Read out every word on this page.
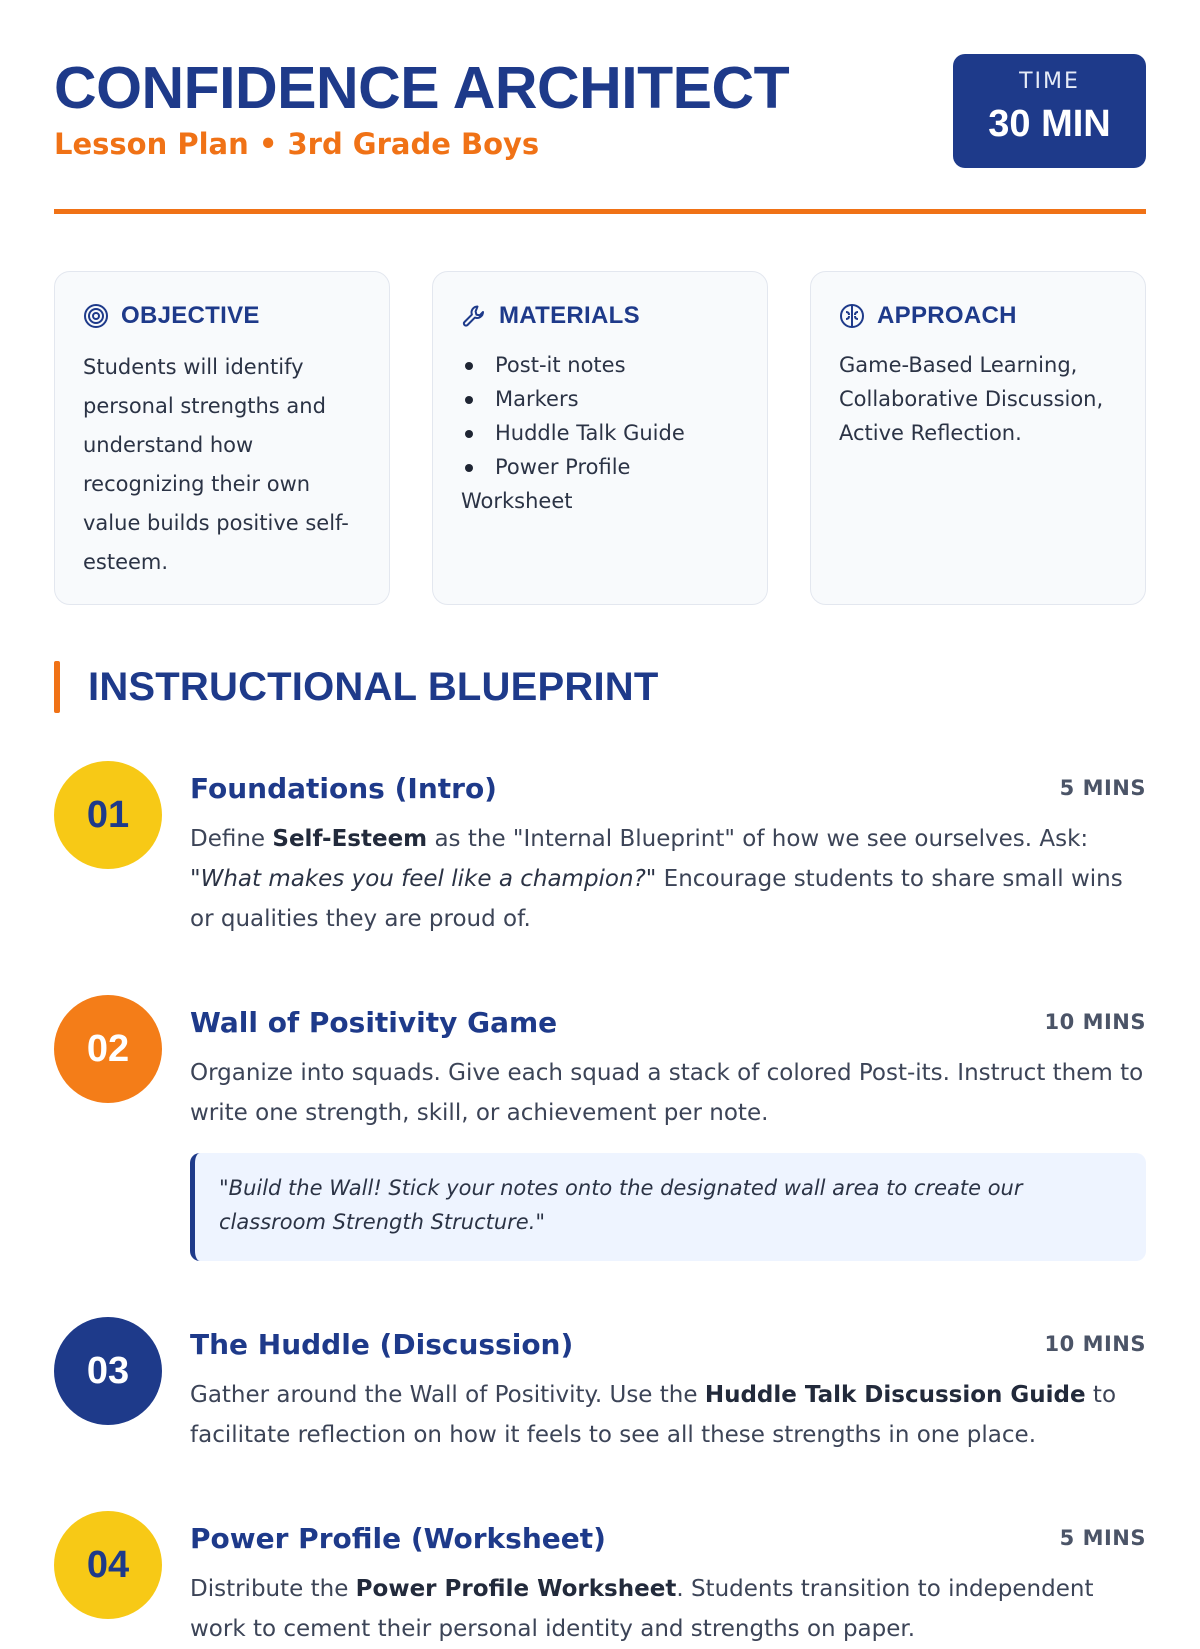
CONFIDENCE ARCHITECT
Lesson Plan • 3rd Grade Boys
TIME
30 MIN
OBJECTIVE
Students will identify personal strengths and understand how recognizing their own value builds positive self-esteem.
MATERIALS
Post-it notes
Markers
Huddle Talk Guide
Power Profile
Worksheet
APPROACH
Game-Based Learning, Collaborative Discussion, Active Reflection.
INSTRUCTIONAL BLUEPRINT
01
Foundations (Intro)	5 MINS
Define Self-Esteem as the "Internal Blueprint" of how we see ourselves. Ask: "What makes you feel like a champion?" Encourage students to share small wins or qualities they are proud of.
02
Wall of Positivity Game	10 MINS
Organize into squads. Give each squad a stack of colored Post-its. Instruct them to write one strength, skill, or achievement per note.
"Build the Wall! Stick your notes onto the designated wall area to create our classroom Strength Structure."
03
The Huddle (Discussion)	10 MINS
Gather around the Wall of Positivity. Use the Huddle Talk Discussion Guide to facilitate reflection on how it feels to see all these strengths in one place.
04
Power Profile (Worksheet)	5 MINS
Distribute the Power Profile Worksheet. Students transition to independent work to cement their personal identity and strengths on paper.
